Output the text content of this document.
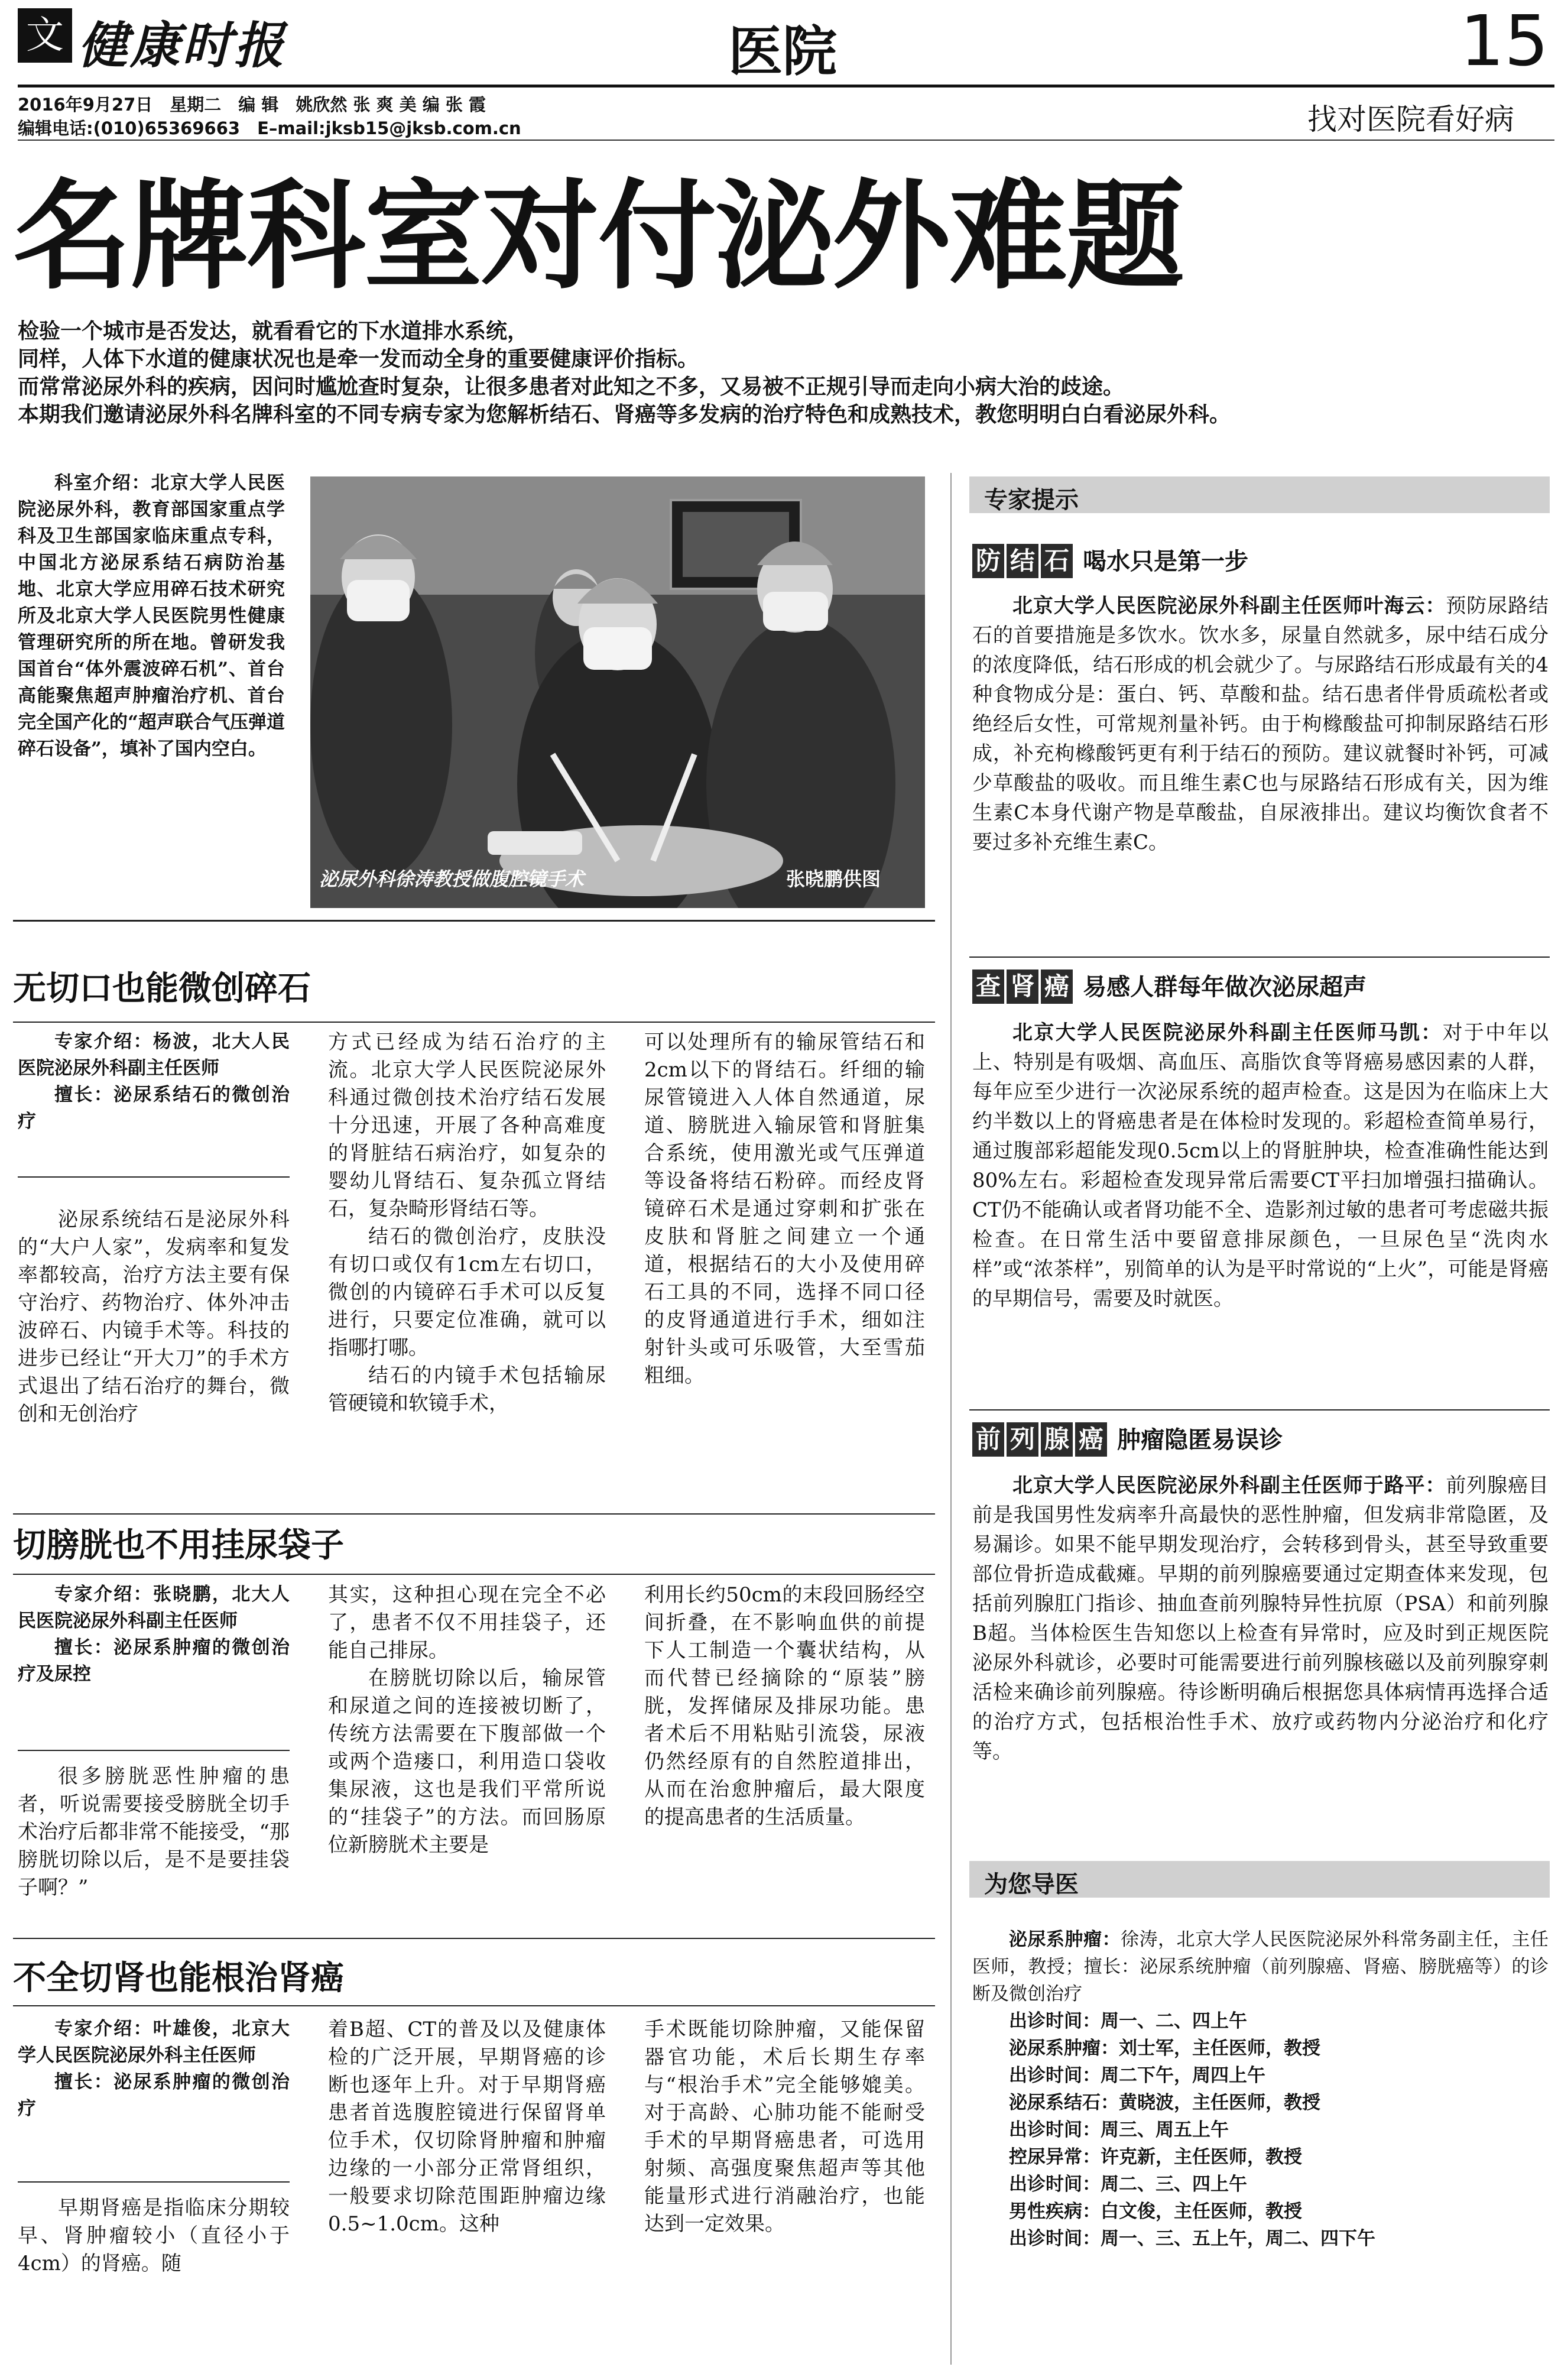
文 健康时报	医院	15
2016年9月27日　星期二　编 辑　姚欣然 张 爽 美 编 张 霞
编辑电话:(010)65369663　E–mail:jksb15@jksb.com.cn	找对医院看好病
名牌科室对付泌外难题
检验一个城市是否发达，就看看它的下水道排水系统，
同样，人体下水道的健康状况也是牵一发而动全身的重要健康评价指标。
而常常泌尿外科的疾病，因问时尴尬查时复杂，让很多患者对此知之不多，又易被不正规引导而走向小病大治的歧途。
本期我们邀请泌尿外科名牌科室的不同专病专家为您解析结石、肾癌等多发病的治疗特色和成熟技术，教您明明白白看泌尿外科。
科室介绍：北京大学人民医院泌尿外科，教育部国家重点学科及卫生部国家临床重点专科，中国北方泌尿系结石病防治基地、北京大学应用碎石技术研究所及北京大学人民医院男性健康管理研究所的所在地。曾研发我国首台“体外震波碎石机”、首台高能聚焦超声肿瘤治疗机、首台完全国产化的“超声联合气压弹道碎石设备”，填补了国内空白。
泌尿外科徐涛教授做腹腔镜手术	张晓鹏供图
无切口也能微创碎石

专家介绍：杨波，北大人民医院泌尿外科副主任医师

擅长：泌尿系结石的微创治疗

泌尿系统结石是泌尿外科的“大户人家”，发病率和复发率都较高，治疗方法主要有保守治疗、药物治疗、体外冲击波碎石、内镜手术等。科技的进步已经让“开大刀”的手术方式退出了结石治疗的舞台，微创和无创治疗

方式已经成为结石治疗的主流。北京大学人民医院泌尿外科通过微创技术治疗结石发展十分迅速，开展了各种高难度的肾脏结石病治疗，如复杂的婴幼儿肾结石、复杂孤立肾结石，复杂畸形肾结石等。

结石的微创治疗，皮肤没有切口或仅有1cm左右切口，微创的内镜碎石手术可以反复进行，只要定位准确，就可以指哪打哪。

结石的内镜手术包括输尿管硬镜和软镜手术，

可以处理所有的输尿管结石和2cm以下的肾结石。纤细的输尿管镜进入人体自然通道，尿道、膀胱进入输尿管和肾脏集合系统，使用激光或气压弹道等设备将结石粉碎。而经皮肾镜碎石术是通过穿刺和扩张在皮肤和肾脏之间建立一个通道，根据结石的大小及使用碎石工具的不同，选择不同口径的皮肾通道进行手术，细如注射针头或可乐吸管，大至雪茄粗细。

切膀胱也不用挂尿袋子

专家介绍：张晓鹏，北大人民医院泌尿外科副主任医师

擅长：泌尿系肿瘤的微创治疗及尿控

很多膀胱恶性肿瘤的患者，听说需要接受膀胱全切手术治疗后都非常不能接受，“那膀胱切除以后，是不是要挂袋子啊？”

其实，这种担心现在完全不必了，患者不仅不用挂袋子，还能自己排尿。

在膀胱切除以后，输尿管和尿道之间的连接被切断了，传统方法需要在下腹部做一个或两个造瘘口，利用造口袋收集尿液，这也是我们平常所说的“挂袋子”的方法。而回肠原位新膀胱术主要是

利用长约50cm的末段回肠经空间折叠，在不影响血供的前提下人工制造一个囊状结构，从而代替已经摘除的“原装”膀胱，发挥储尿及排尿功能。患者术后不用粘贴引流袋，尿液仍然经原有的自然腔道排出，从而在治愈肿瘤后，最大限度的提高患者的生活质量。

不全切肾也能根治肾癌

专家介绍：叶雄俊，北京大学人民医院泌尿外科主任医师

擅长：泌尿系肿瘤的微创治疗

早期肾癌是指临床分期较早、肾肿瘤较小（直径小于4cm）的肾癌。随

着B超、CT的普及以及健康体检的广泛开展，早期肾癌的诊断也逐年上升。对于早期肾癌患者首选腹腔镜进行保留肾单位手术，仅切除肾肿瘤和肿瘤边缘的一小部分正常肾组织，一般要求切除范围距肿瘤边缘0.5~1.0cm。这种

手术既能切除肿瘤，又能保留器官功能，术后长期生存率与“根治手术”完全能够媲美。对于高龄、心肺功能不能耐受手术的早期肾癌患者，可选用射频、高强度聚焦超声等其他能量形式进行消融治疗，也能达到一定效果。

专家提示
防 结 石 喝水只是第一步

北京大学人民医院泌尿外科副主任医师叶海云：预防尿路结石的首要措施是多饮水。饮水多，尿量自然就多，尿中结石成分的浓度降低，结石形成的机会就少了。与尿路结石形成最有关的4种食物成分是：蛋白、钙、草酸和盐。结石患者伴骨质疏松者或绝经后女性，可常规剂量补钙。由于枸橼酸盐可抑制尿路结石形成，补充枸橼酸钙更有利于结石的预防。建议就餐时补钙，可减少草酸盐的吸收。而且维生素C也与尿路结石形成有关，因为维生素C本身代谢产物是草酸盐，自尿液排出。建议均衡饮食者不要过多补充维生素C。

查 肾 癌 易感人群每年做次泌尿超声

北京大学人民医院泌尿外科副主任医师马凯：对于中年以上、特别是有吸烟、高血压、高脂饮食等肾癌易感因素的人群，每年应至少进行一次泌尿系统的超声检查。这是因为在临床上大约半数以上的肾癌患者是在体检时发现的。彩超检查简单易行，通过腹部彩超能发现0.5cm以上的肾脏肿块，检查准确性能达到80%左右。彩超检查发现异常后需要CT平扫加增强扫描确认。CT仍不能确认或者肾功能不全、造影剂过敏的患者可考虑磁共振检查。在日常生活中要留意排尿颜色，一旦尿色呈“洗肉水样”或“浓茶样”，别简单的认为是平时常说的“上火”，可能是肾癌的早期信号，需要及时就医。

前 列 腺 癌 肿瘤隐匿易误诊

北京大学人民医院泌尿外科副主任医师于路平：前列腺癌目前是我国男性发病率升高最快的恶性肿瘤，但发病非常隐匿，及易漏诊。如果不能早期发现治疗，会转移到骨头，甚至导致重要部位骨折造成截瘫。早期的前列腺癌要通过定期查体来发现，包括前列腺肛门指诊、抽血查前列腺特异性抗原（PSA）和前列腺B超。当体检医生告知您以上检查有异常时，应及时到正规医院泌尿外科就诊，必要时可能需要进行前列腺核磁以及前列腺穿刺活检来确诊前列腺癌。待诊断明确后根据您具体病情再选择合适的治疗方式，包括根治性手术、放疗或药物内分泌治疗和化疗等。

为您导医
泌尿系肿瘤：徐涛，北京大学人民医院泌尿外科常务副主任，主任医师，教授；擅长：泌尿系统肿瘤（前列腺癌、肾癌、膀胱癌等）的诊断及微创治疗
出诊时间：周一、二、四上午
泌尿系肿瘤：刘士军，主任医师，教授
出诊时间：周二下午，周四上午
泌尿系结石：黄晓波，主任医师，教授
出诊时间：周三、周五上午
控尿异常：许克新，主任医师，教授
出诊时间：周二、三、四上午
男性疾病：白文俊，主任医师，教授
出诊时间：周一、三、五上午，周二、四下午
